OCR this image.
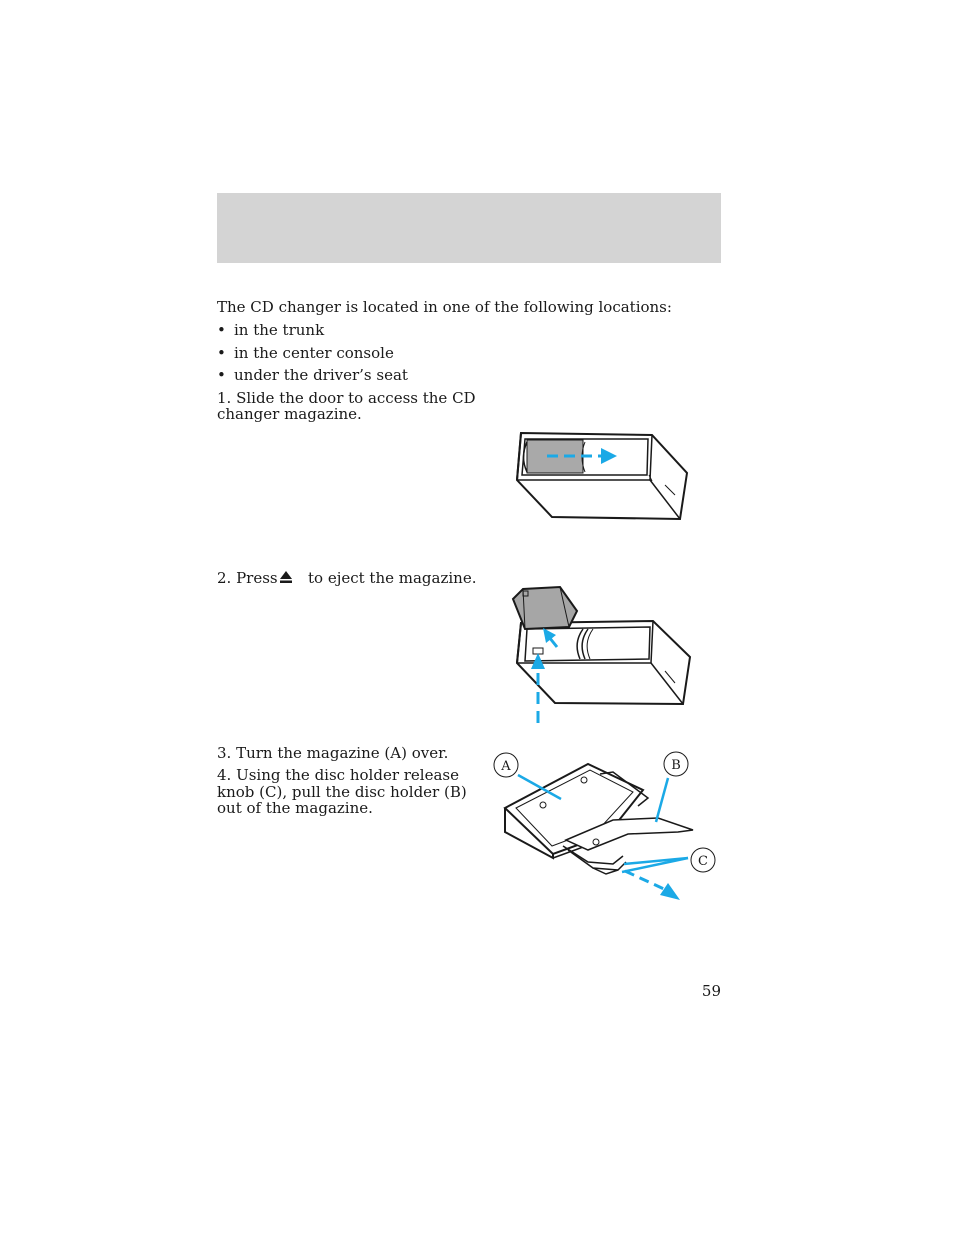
The CD changer is located in one of the following locations:
• in the trunk
• in the center console
• under the driver’s seat
1. Slide the door to access the CD
changer magazine.
2. Press to eject the magazine.
3. Turn the magazine (A) over.
4. Using the disc holder release
knob (C), pull the disc holder (B)
out of the magazine.
A	B
C
59
